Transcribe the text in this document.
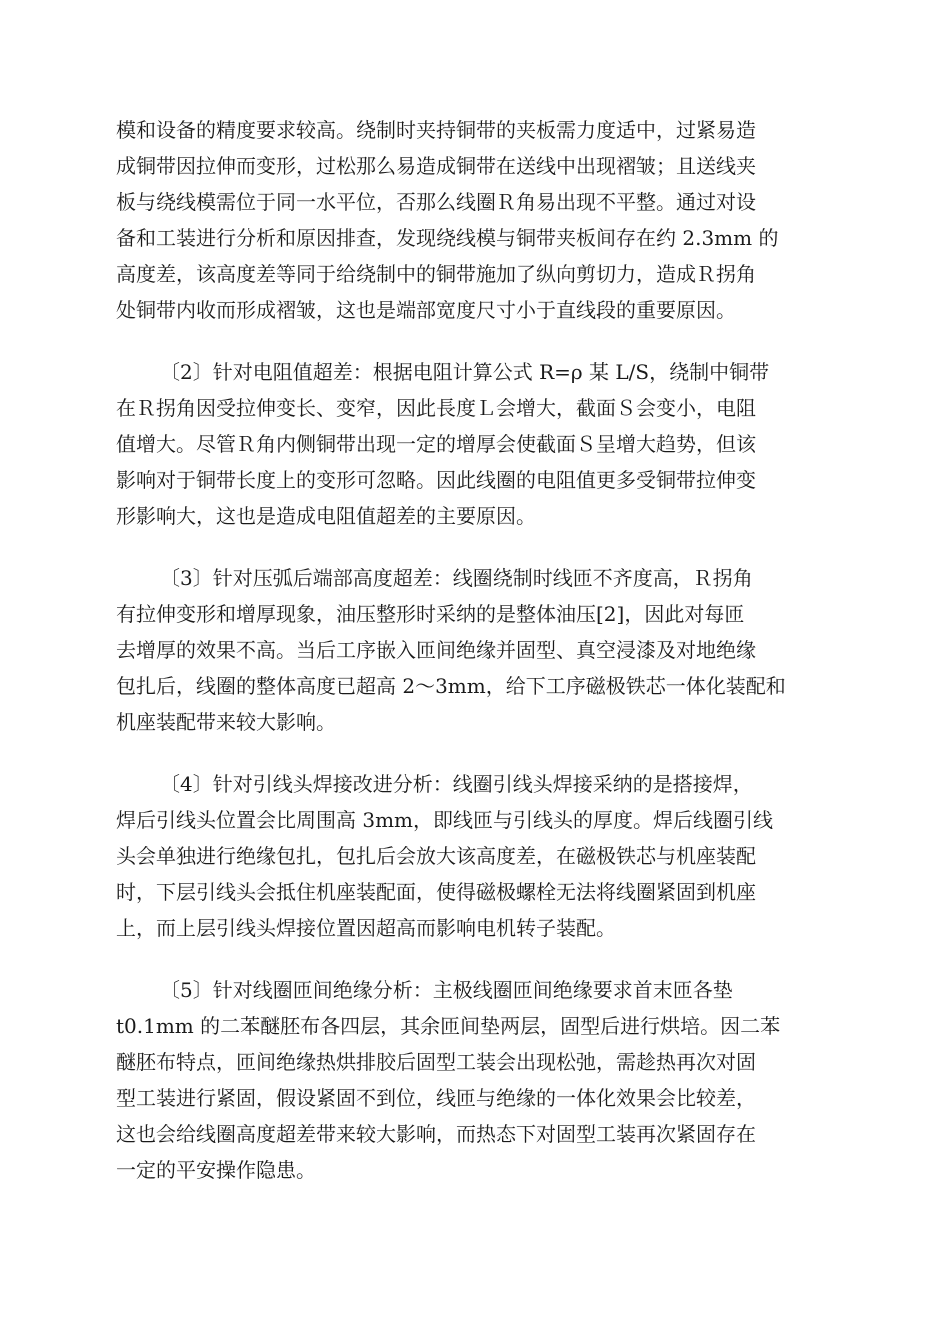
模和设备的精度要求较高。绕制时夹持铜带的夹板需力度适中，过紧易造
成铜带因拉伸而变形，过松那么易造成铜带在送线中出现褶皱；且送线夹
板与绕线模需位于同一水平位，否那么线圈Ｒ角易出现不平整。通过对设
备和工装进行分析和原因排查，发现绕线模与铜带夹板间存在约 2.3mm 的
高度差，该高度差等同于给绕制中的铜带施加了纵向剪切力，造成Ｒ拐角
处铜带内收而形成褶皱，这也是端部宽度尺寸小于直线段的重要原因。
〔2〕针对电阻值超差：根据电阻计算公式 R=ρ 某 L/S，绕制中铜带
在Ｒ拐角因受拉伸变长、变窄，因此長度Ｌ会增大，截面Ｓ会变小，电阻
值增大。尽管Ｒ角内侧铜带出现一定的增厚会使截面Ｓ呈增大趋势，但该
影响对于铜带长度上的变形可忽略。因此线圈的电阻值更多受铜带拉伸变
形影响大，这也是造成电阻值超差的主要原因。
〔3〕针对压弧后端部高度超差：线圈绕制时线匝不齐度高，Ｒ拐角
有拉伸变形和增厚现象，油压整形时采纳的是整体油压[2]，因此对每匝
去增厚的效果不高。当后工序嵌入匝间绝缘并固型、真空浸漆及对地绝缘
包扎后，线圈的整体高度已超高 2～3mm，给下工序磁极铁芯一体化装配和
机座装配带来较大影响。
〔4〕针对引线头焊接改进分析：线圈引线头焊接采纳的是搭接焊，
焊后引线头位置会比周围高 3mm，即线匝与引线头的厚度。焊后线圈引线
头会单独进行绝缘包扎，包扎后会放大该高度差，在磁极铁芯与机座装配
时，下层引线头会抵住机座装配面，使得磁极螺栓无法将线圈紧固到机座
上，而上层引线头焊接位置因超高而影响电机转子装配。
〔5〕针对线圈匝间绝缘分析：主极线圈匝间绝缘要求首末匝各垫
t0.1mm 的二苯醚胚布各四层，其余匝间垫两层，固型后进行烘培。因二苯
醚胚布特点，匝间绝缘热烘排胶后固型工装会出现松弛，需趁热再次对固
型工装进行紧固，假设紧固不到位，线匝与绝缘的一体化效果会比较差，
这也会给线圈高度超差带来较大影响，而热态下对固型工装再次紧固存在
一定的平安操作隐患。
